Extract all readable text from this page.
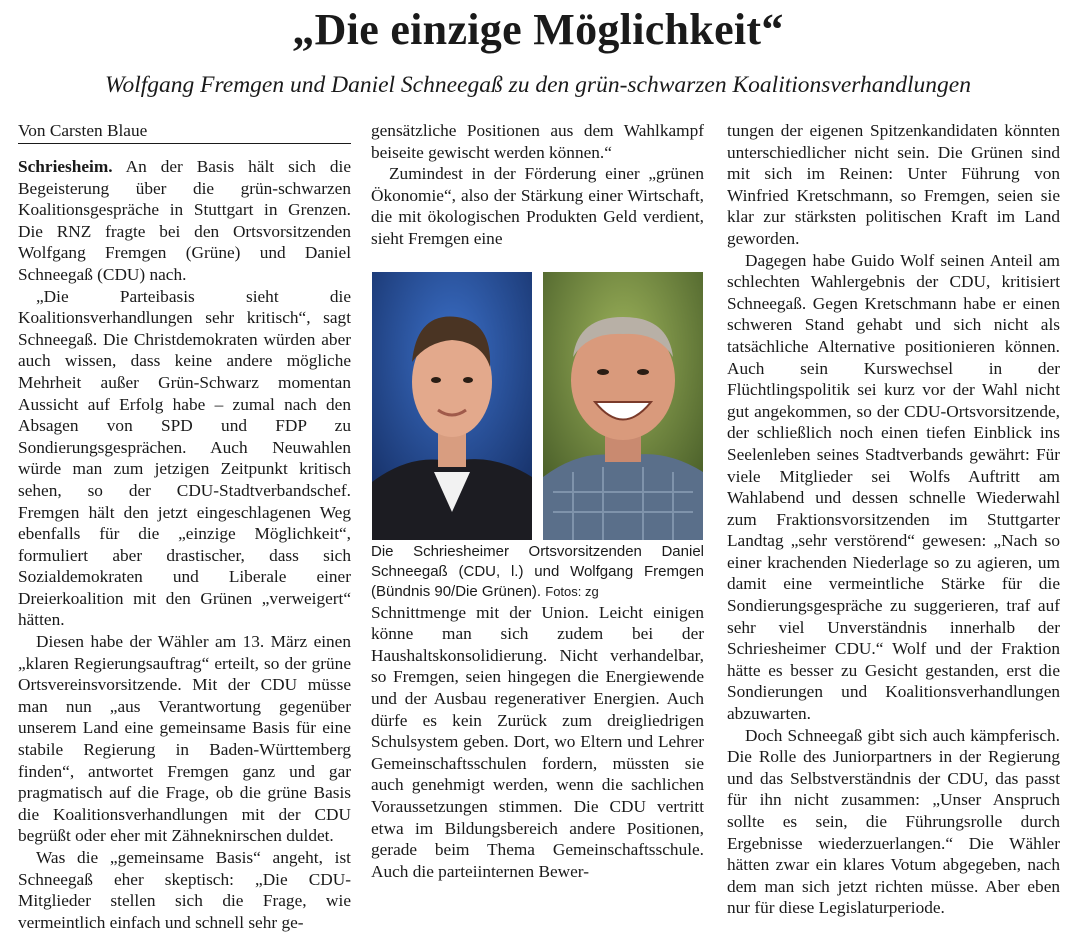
„Die einzige Möglichkeit“
Wolfgang Fremgen und Daniel Schneegaß zu den grün-schwarzen Koalitionsverhandlungen
Von Carsten Blaue

Schriesheim. An der Basis hält sich die Begeisterung über die grün-schwarzen Koalitionsgespräche in Stuttgart in Grenzen. Die RNZ fragte bei den Ortsvorsitzenden Wolfgang Fremgen (Grüne) und Daniel Schneegaß (CDU) nach.

„Die Parteibasis sieht die Koalitionsverhandlungen sehr kritisch“, sagt Schneegaß. Die Christdemokraten würden aber auch wissen, dass keine andere mögliche Mehrheit außer Grün-Schwarz momentan Aussicht auf Erfolg habe – zumal nach den Absagen von SPD und FDP zu Sondierungsgesprächen. Auch Neuwahlen würde man zum jetzigen Zeitpunkt kritisch sehen, so der CDU-Stadtverbandschef. Fremgen hält den jetzt eingeschlagenen Weg ebenfalls für die „einzige Möglichkeit“, formuliert aber drastischer, dass sich Sozialdemokraten und Liberale einer Dreierkoalition mit den Grünen „verweigert“ hätten.

Diesen habe der Wähler am 13. März einen „klaren Regierungsauftrag“ erteilt, so der grüne Ortsvereinsvorsitzende. Mit der CDU müsse man nun „aus Verantwortung gegenüber unserem Land eine gemeinsame Basis für eine stabile Regierung in Baden-Württemberg finden“, antwortet Fremgen ganz und gar pragmatisch auf die Frage, ob die grüne Basis die Koalitionsverhandlungen mit der CDU begrüßt oder eher mit Zähneknirschen duldet.

Was die „gemeinsame Basis“ angeht, ist Schneegaß eher skeptisch: „Die CDU-Mitglieder stellen sich die Frage, wie vermeintlich einfach und schnell sehr ge-

gensätzliche Positionen aus dem Wahlkampf beiseite gewischt werden können.“

Zumindest in der Förderung einer „grünen Ökonomie“, also der Stärkung einer Wirtschaft, die mit ökologischen Produkten Geld verdient, sieht Fremgen eine

Die Schriesheimer Ortsvorsitzenden Daniel Schneegaß (CDU, l.) und Wolfgang Fremgen (Bündnis 90/Die Grünen). Fotos: zg

Schnittmenge mit der Union. Leicht einigen könne man sich zudem bei der Haushaltskonsolidierung. Nicht verhandelbar, so Fremgen, seien hingegen die Energiewende und der Ausbau regenerativer Energien. Auch dürfe es kein Zurück zum dreigliedrigen Schulsystem geben. Dort, wo Eltern und Lehrer Gemeinschaftsschulen fordern, müssten sie auch genehmigt werden, wenn die sachlichen Voraussetzungen stimmen. Die CDU vertritt etwa im Bildungsbereich andere Positionen, gerade beim Thema Gemeinschaftsschule. Auch die parteiinternen Bewer-

tungen der eigenen Spitzenkandidaten könnten unterschiedlicher nicht sein. Die Grünen sind mit sich im Reinen: Unter Führung von Winfried Kretschmann, so Fremgen, seien sie klar zur stärksten politischen Kraft im Land geworden.

Dagegen habe Guido Wolf seinen Anteil am schlechten Wahlergebnis der CDU, kritisiert Schneegaß. Gegen Kretschmann habe er einen schweren Stand gehabt und sich nicht als tatsächliche Alternative positionieren können. Auch sein Kurswechsel in der Flüchtlingspolitik sei kurz vor der Wahl nicht gut angekommen, so der CDU-Ortsvorsitzende, der schließlich noch einen tiefen Einblick ins Seelenleben seines Stadtverbands gewährt: Für viele Mitglieder sei Wolfs Auftritt am Wahlabend und dessen schnelle Wiederwahl zum Fraktionsvorsitzenden im Stuttgarter Landtag „sehr verstörend“ gewesen: „Nach so einer krachenden Niederlage so zu agieren, um damit eine vermeintliche Stärke für die Sondierungsgespräche zu suggerieren, traf auf sehr viel Unverständnis innerhalb der Schriesheimer CDU.“ Wolf und der Fraktion hätte es besser zu Gesicht gestanden, erst die Sondierungen und Koalitionsverhandlungen abzuwarten.

Doch Schneegaß gibt sich auch kämpferisch. Die Rolle des Juniorpartners in der Regierung und das Selbstverständnis der CDU, das passt für ihn nicht zusammen: „Unser Anspruch sollte es sein, die Führungsrolle durch Ergebnisse wiederzuerlangen.“ Die Wähler hätten zwar ein klares Votum abgegeben, nach dem man sich jetzt richten müsse. Aber eben nur für diese Legislaturperiode.
